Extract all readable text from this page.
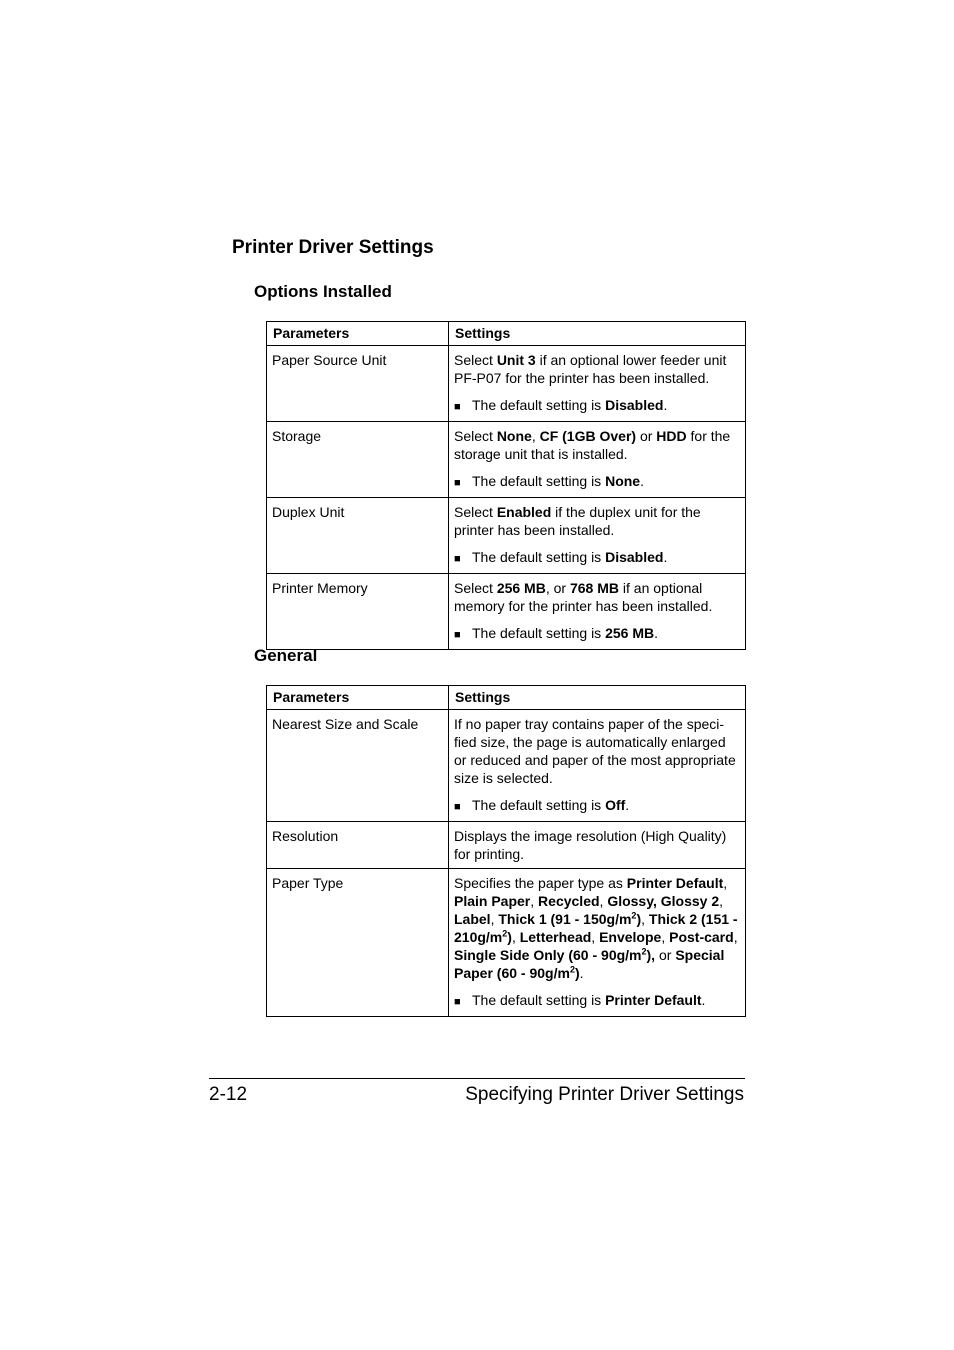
Printer Driver Settings
Options Installed
Parameters	Settings
Paper Source Unit	Select Unit 3 if an optional lower feeder unit PF-P07 for the printer has been installed.

■ The default setting is Disabled.

Storage	Select None, CF (1GB Over) or HDD for the storage unit that is installed.

■ The default setting is None.

Duplex Unit	Select Enabled if the duplex unit for the printer has been installed.

■ The default setting is Disabled.

Printer Memory	Select 256 MB, or 768 MB if an optional memory for the printer has been installed.

■ The default setting is 256 MB.

General
Parameters	Settings
Nearest Size and Scale	If no paper tray contains paper of the speci-fied size, the page is automatically enlarged or reduced and paper of the most appropriate size is selected.

■ The default setting is Off.

Resolution	Displays the image resolution (High Quality) for printing.

Paper Type	Specifies the paper type as Printer Default, Plain Paper, Recycled, Glossy, Glossy 2, Label, Thick 1 $(91 - 150g/m^2)$, Thick 2 $(151 - 210g/m^2)$, Letterhead, Envelope, Post-card, Single Side Only $(60 - 90g/m^2)$, or Special Paper $(60 - 90g/m^2)$.

■ The default setting is Printer Default.

2-12	Specifying Printer Driver Settings
